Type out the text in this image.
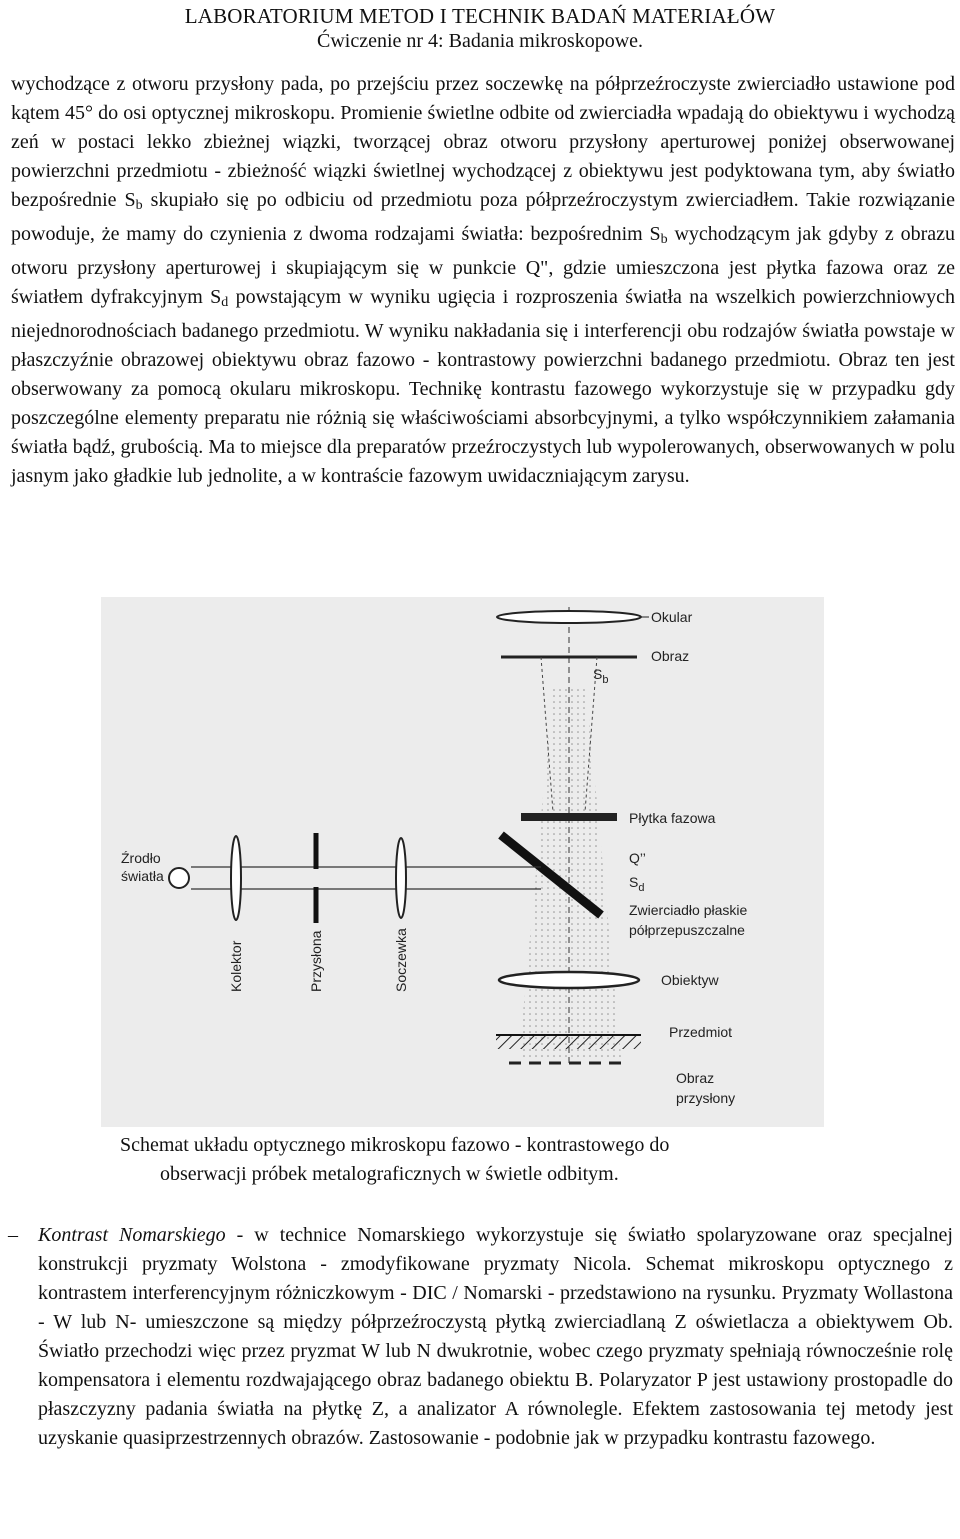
LABORATORIUM METOD I TECHNIK BADAŃ MATERIAŁÓW
Ćwiczenie nr 4: Badania mikroskopowe.
wychodzące z otworu przysłony pada, po przejściu przez soczewkę na półprzeźroczyste zwierciadło ustawione pod kątem 45° do osi optycznej mikroskopu. Promienie świetlne odbite od zwierciadła wpadają do obiektywu i wychodzą zeń w postaci lekko zbieżnej wiązki, tworzącej obraz otworu przysłony aperturowej poniżej obserwowanej powierzchni przedmiotu - zbieżność wiązki świetlnej wychodzącej z obiektywu jest podyktowana tym, aby światło bezpośrednie $S_b$ skupiało się po odbiciu od przedmiotu poza półprzeźroczystym zwierciadłem. Takie rozwiązanie powoduje, że mamy do czynienia z dwoma rodzajami światła: bezpośrednim $S_b$ wychodzącym jak gdyby z obrazu otworu przysłony aperturowej i skupiającym się w punkcie Q", gdzie umieszczona jest płytka fazowa oraz ze światłem dyfrakcyjnym $S_d$ powstającym w wyniku ugięcia i rozproszenia światła na wszelkich powierzchniowych niejednorodnościach badanego przedmiotu. W wyniku nakładania się i interferencji obu rodzajów światła powstaje w płaszczyźnie obrazowej obiektywu obraz fazowo - kontrastowy powierzchni badanego przedmiotu. Obraz ten jest obserwowany za pomocą okularu mikroskopu. Technikę kontrastu fazowego wykorzystuje się w przypadku gdy poszczególne elementy preparatu nie różnią się właściwościami absorbcyjnymi, a tylko współczynnikiem załamania światła bądź, grubością. Ma to miejsce dla preparatów przeźroczystych lub wypolerowanych, obserwowanych w polu jasnym jako gładkie lub jednolite, a w kontraście fazowym uwidaczniającym zarysu.
Okular
Obraz
$S_b$
Płytka fazowa
Q’’
$S_d$
Zwierciadło płaskie
półprzepuszczalne
Źrodło
światła
Kolektor	Przysłona	Soczewka	Obiektyw
Przedmiot
Obraz
przysłony
Schemat układu optycznego mikroskopu fazowo - kontrastowego do
obserwacji próbek metalograficznych w świetle odbitym.
–	Kontrast Nomarskiego - w technice Nomarskiego wykorzystuje się światło spolaryzowane oraz specjalnej konstrukcji pryzmaty Wolstona - zmodyfikowane pryzmaty Nicola. Schemat mikroskopu optycznego z kontrastem interferencyjnym różniczkowym - DIC / Nomarski - przedstawiono na rysunku. Pryzmaty Wollastona - W lub N- umieszczone są między półprzeźroczystą płytką zwierciadlaną Z oświetlacza a obiektywem Ob. Światło przechodzi więc przez pryzmat W lub N dwukrotnie, wobec czego pryzmaty spełniają równocześnie rolę kompensatora i elementu rozdwajającego obraz badanego obiektu B. Polaryzator P jest ustawiony prostopadle do płaszczyzny padania światła na płytkę Z, a analizator A równolegle. Efektem zastosowania tej metody jest uzyskanie quasiprzestrzennych obrazów. Zastosowanie - podobnie jak w przypadku kontrastu fazowego.
